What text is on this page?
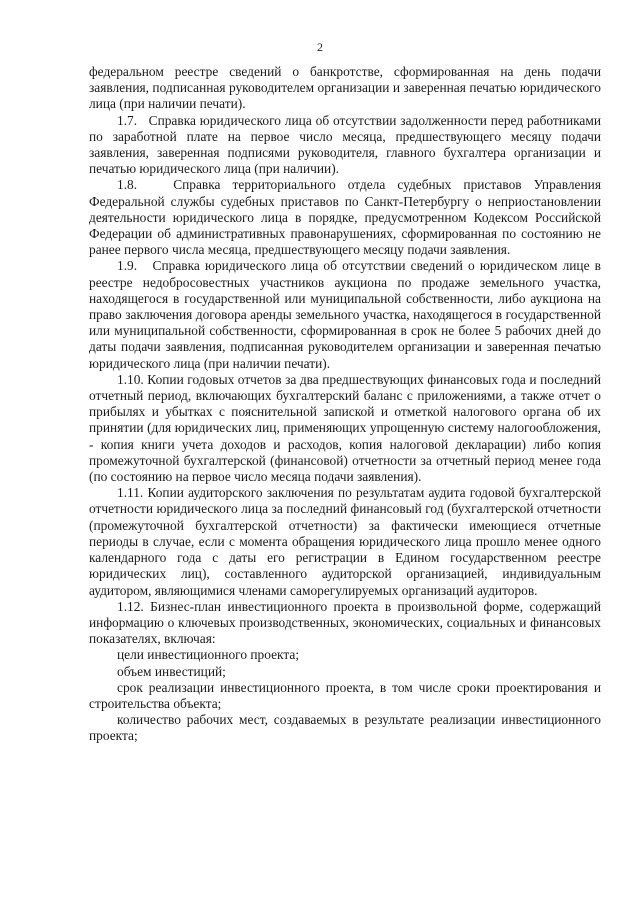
2

федеральном реестре сведений о банкротстве, сформированная на день подачи заявления, подписанная руководителем организации и заверенная печатью юридического лица (при наличии печати).

1.7.   Справка юридического лица об отсутствии задолженности перед работниками по заработной плате на первое число месяца, предшествующего месяцу подачи заявления, заверенная подписями руководителя, главного бухгалтера организации и печатью юридического лица (при наличии).

1.8.   Справка территориального отдела судебных приставов Управления Федеральной службы судебных приставов по Санкт-Петербургу о неприостановлении деятельности юридического лица в порядке, предусмотренном Кодексом Российской Федерации об административных правонарушениях, сформированная по состоянию не ранее первого числа месяца, предшествующего месяцу подачи заявления.

1.9.   Справка юридического лица об отсутствии сведений о юридическом лице в реестре недобросовестных участников аукциона по продаже земельного участка, находящегося в государственной или муниципальной собственности, либо аукциона на право заключения договора аренды земельного участка, находящегося в государственной или муниципальной собственности, сформированная в срок не более 5 рабочих дней до даты подачи заявления, подписанная руководителем организации и заверенная печатью юридического лица (при наличии печати).

1.10. Копии годовых отчетов за два предшествующих финансовых года и последний отчетный период, включающих бухгалтерский баланс с приложениями, а также отчет о прибылях и убытках с пояснительной запиской и отметкой налогового органа об их принятии (для юридических лиц, применяющих упрощенную систему налогообложения, - копия книги учета доходов и расходов, копия налоговой декларации) либо копия промежуточной бухгалтерской (финансовой) отчетности за отчетный период менее года (по состоянию на первое число месяца подачи заявления).

1.11. Копии аудиторского заключения по результатам аудита годовой бухгалтерской отчетности юридического лица за последний финансовый год (бухгалтерской отчетности (промежуточной бухгалтерской отчетности) за фактически имеющиеся отчетные периоды в случае, если с момента обращения юридического лица прошло менее одного календарного года с даты его регистрации в Едином государственном реестре юридических лиц), составленного аудиторской организацией, индивидуальным аудитором, являющимися членами саморегулируемых организаций аудиторов.

1.12. Бизнес-план инвестиционного проекта в произвольной форме, содержащий информацию о ключевых производственных, экономических, социальных и финансовых показателях, включая:

цели инвестиционного проекта;

объем инвестиций;

срок реализации инвестиционного проекта, в том числе сроки проектирования и строительства объекта;

количество рабочих мест, создаваемых в результате реализации инвестиционного проекта;
